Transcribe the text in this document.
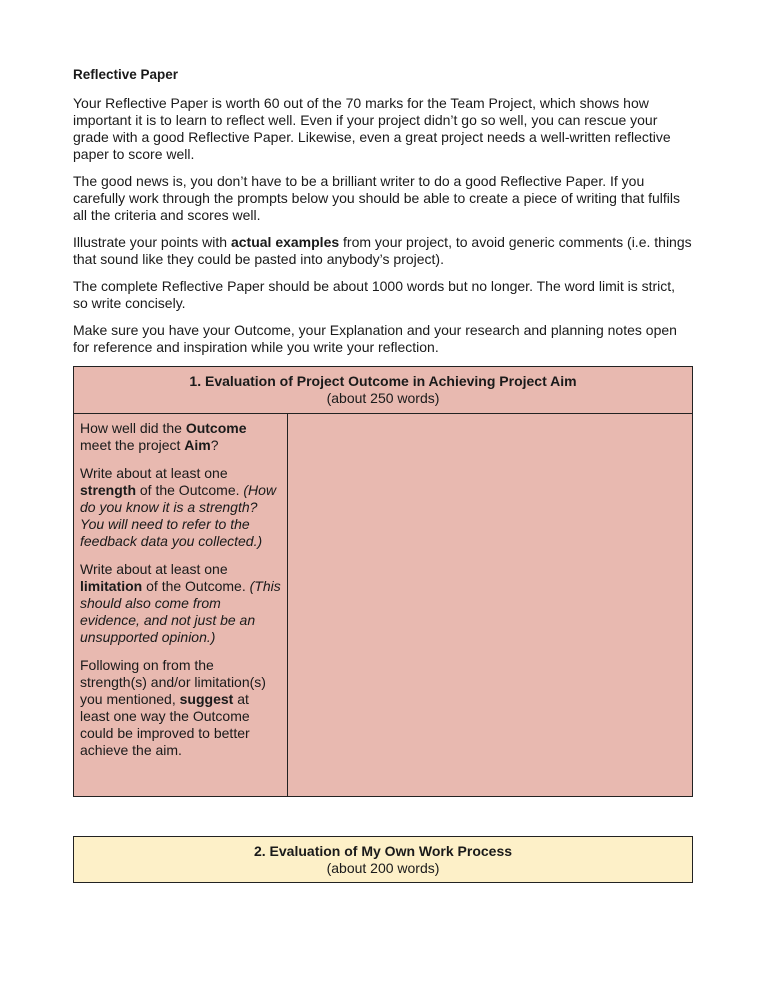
Reflective Paper

Your Reflective Paper is worth 60 out of the 70 marks for the Team Project, which shows how important it is to learn to reflect well. Even if your project didn’t go so well, you can rescue your grade with a good Reflective Paper. Likewise, even a great project needs a well-written reflective paper to score well.

The good news is, you don’t have to be a brilliant writer to do a good Reflective Paper. If you carefully work through the prompts below you should be able to create a piece of writing that fulfils all the criteria and scores well.

Illustrate your points with actual examples from your project, to avoid generic comments (i.e. things that sound like they could be pasted into anybody’s project).

The complete Reflective Paper should be about 1000 words but no longer. The word limit is strict, so write concisely.

Make sure you have your Outcome, your Explanation and your research and planning notes open for reference and inspiration while you write your reflection.

1. Evaluation of Project Outcome in Achieving Project Aim
(about 250 words)

How well did the Outcome meet the project Aim?

Write about at least one strength of the Outcome. (How do you know it is a strength? You will need to refer to the feedback data you collected.)

Write about at least one limitation of the Outcome. (This should also come from evidence, and not just be an unsupported opinion.)

Following on from the strength(s) and/or limitation(s) you mentioned, suggest at least one way the Outcome could be improved to better achieve the aim.

2. Evaluation of My Own Work Process
(about 200 words)
